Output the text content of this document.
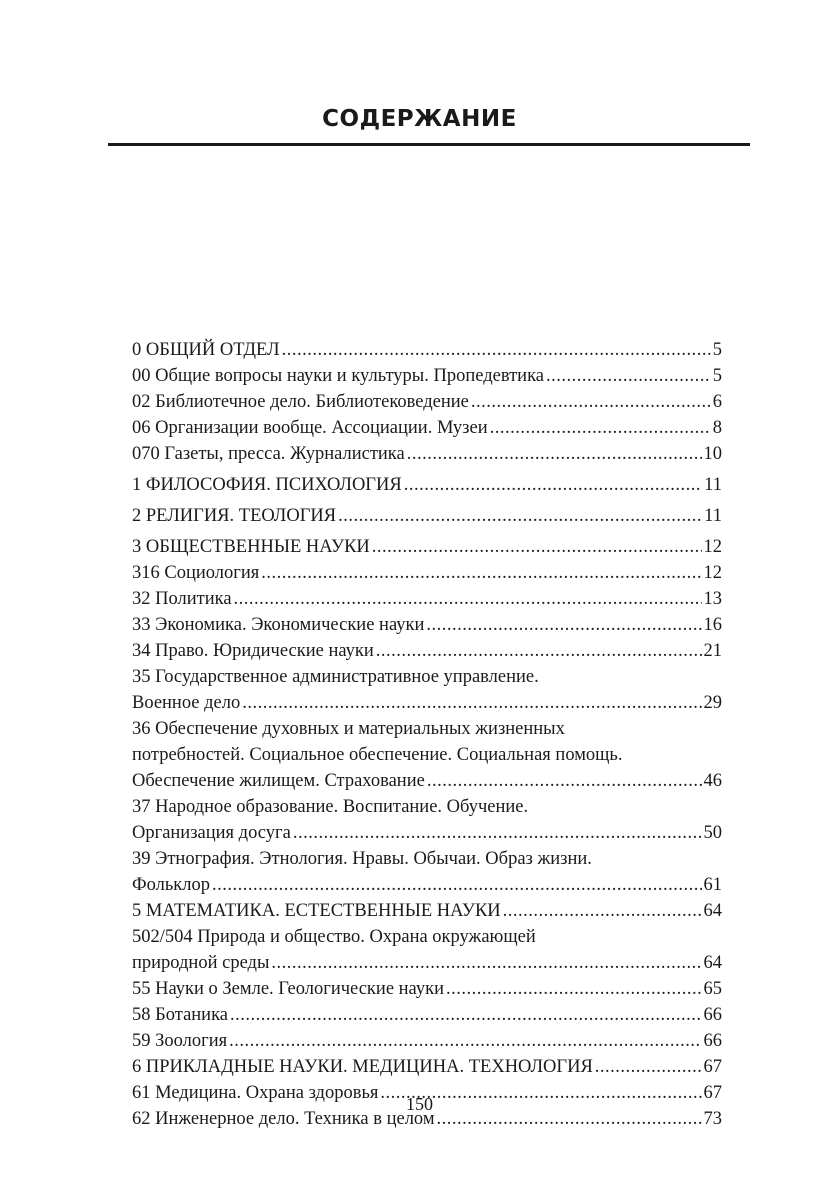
СОДЕРЖАНИЕ
0 ОБЩИЙ ОТДЕЛ .....	5
00 Общие вопросы науки и культуры. Пропедевтика .....	5
02 Библиотечное дело. Библиотековедение .....	6
06 Организации вообще. Ассоциации. Музеи .....	8
070 Газеты, пресса. Журналистика .....	10
1 ФИЛОСОФИЯ. ПСИХОЛОГИЯ .....	11
2 РЕЛИГИЯ. ТЕОЛОГИЯ .....	11
3 ОБЩЕСТВЕННЫЕ НАУКИ .....	12
316 Социология .....	12
32 Политика .....	13
33 Экономика. Экономические науки .....	16
34 Право. Юридические науки .....	21
35 Государственное административное управление.
Военное дело .....	29
36 Обеспечение духовных и материальных жизненных
потребностей. Социальное обеспечение. Социальная помощь.
Обеспечение жилищем. Страхование .....	46
37 Народное образование. Воспитание. Обучение.
Организация досуга .....	50
39 Этнография. Этнология. Нравы. Обычаи. Образ жизни.
Фольклор .....	61
5 МАТЕМАТИКА. ЕСТЕСТВЕННЫЕ НАУКИ .....	64
502/504 Природа и общество. Охрана окружающей
природной среды .....	64
55 Науки о Земле. Геологические науки .....	65
58 Ботаника .....	66
59 Зоология .....	66
6 ПРИКЛАДНЫЕ НАУКИ. МЕДИЦИНА. ТЕХНОЛОГИЯ .....	67
61 Медицина. Охрана здоровья .....	67
62 Инженерное дело. Техника в целом .....	73
150
